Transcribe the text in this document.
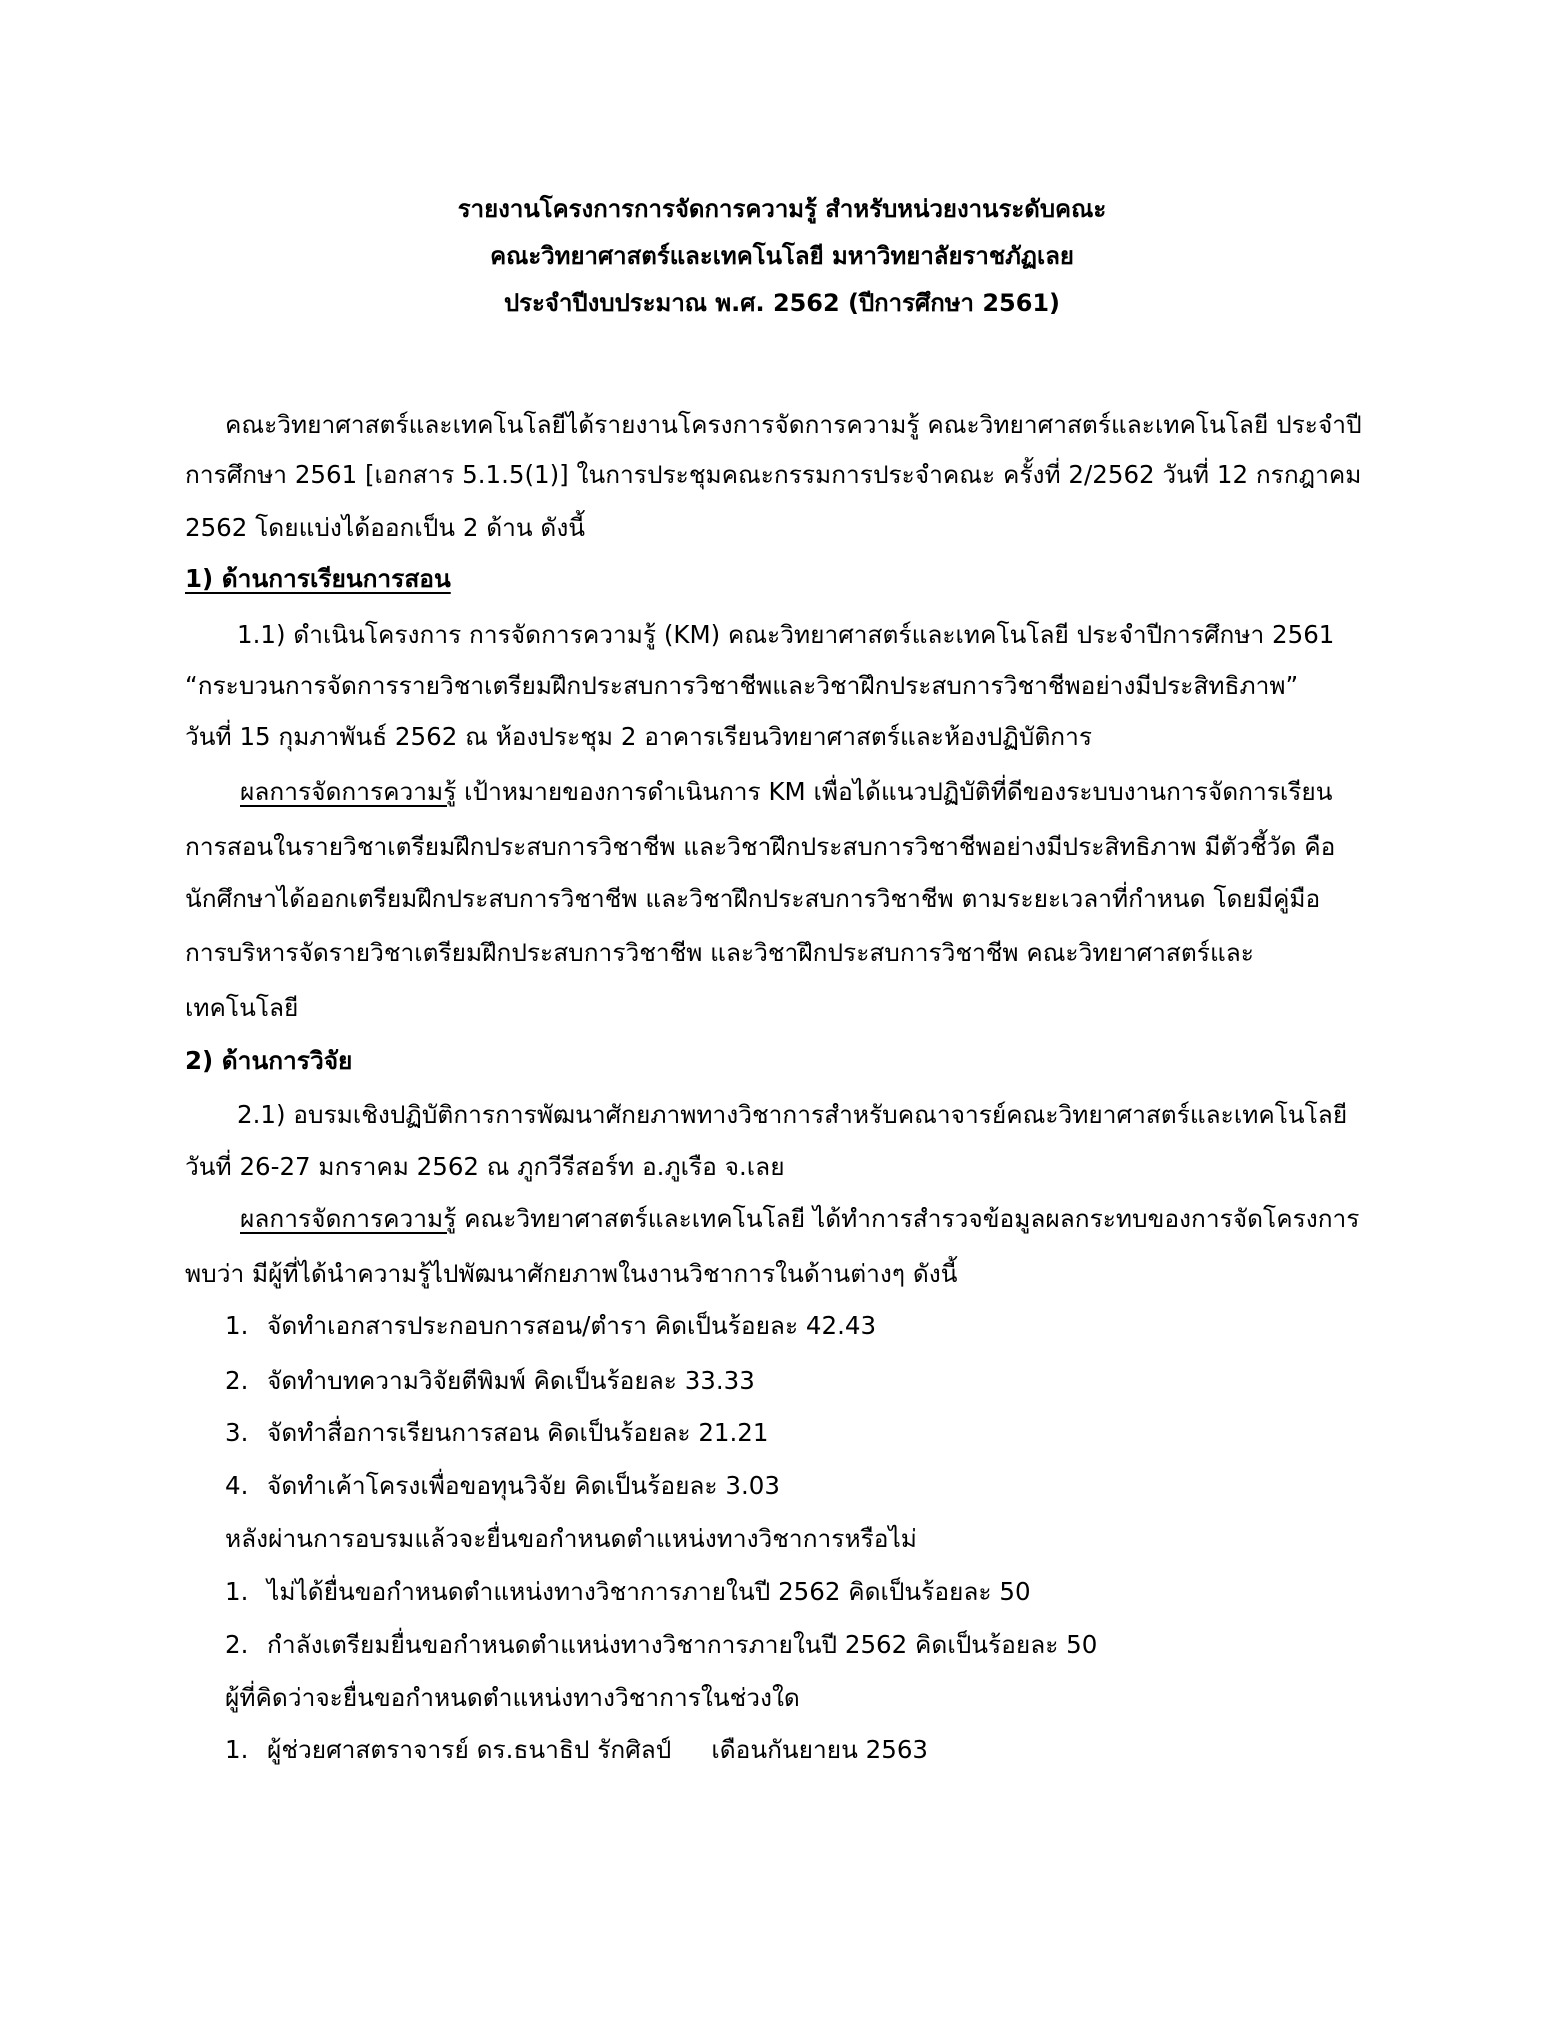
รายงานโครงการการจัดการความรู้ สำหรับหน่วยงานระดับคณะ
คณะวิทยาศาสตร์และเทคโนโลยี มหาวิทยาลัยราชภัฏเลย
ประจำปีงบประมาณ พ.ศ. 2562 (ปีการศึกษา 2561)
คณะวิทยาศาสตร์และเทคโนโลยีได้รายงานโครงการจัดการความรู้ คณะวิทยาศาสตร์และเทคโนโลยี ประจำปี
การศึกษา 2561 [เอกสาร 5.1.5(1)] ในการประชุมคณะกรรมการประจำคณะ ครั้งที่ 2/2562 วันที่ 12 กรกฎาคม
2562 โดยแบ่งได้ออกเป็น 2 ด้าน ดังนี้
1) ด้านการเรียนการสอน
1.1) ดำเนินโครงการ การจัดการความรู้ (KM) คณะวิทยาศาสตร์และเทคโนโลยี ประจำปีการศึกษา 2561
“กระบวนการจัดการรายวิชาเตรียมฝึกประสบการวิชาชีพและวิชาฝึกประสบการวิชาชีพอย่างมีประสิทธิภาพ”
วันที่ 15 กุมภาพันธ์ 2562 ณ ห้องประชุม 2 อาคารเรียนวิทยาศาสตร์และห้องปฏิบัติการ
ผลการจัดการความรู้ เป้าหมายของการดำเนินการ KM เพื่อได้แนวปฏิบัติที่ดีของระบบงานการจัดการเรียน
การสอนในรายวิชาเตรียมฝึกประสบการวิชาชีพ และวิชาฝึกประสบการวิชาชีพอย่างมีประสิทธิภาพ มีตัวชี้วัด คือ
นักศึกษาได้ออกเตรียมฝึกประสบการวิชาชีพ และวิชาฝึกประสบการวิชาชีพ ตามระยะเวลาที่กำหนด โดยมีคู่มือ
การบริหารจัดรายวิชาเตรียมฝึกประสบการวิชาชีพ และวิชาฝึกประสบการวิชาชีพ คณะวิทยาศาสตร์และ
เทคโนโลยี
2) ด้านการวิจัย
2.1) อบรมเชิงปฏิบัติการการพัฒนาศักยภาพทางวิชาการสำหรับคณาจารย์คณะวิทยาศาสตร์และเทคโนโลยี
วันที่ 26-27 มกราคม 2562 ณ ภูกวีรีสอร์ท อ.ภูเรือ จ.เลย
ผลการจัดการความรู้ คณะวิทยาศาสตร์และเทคโนโลยี ได้ทำการสำรวจข้อมูลผลกระทบของการจัดโครงการ
พบว่า มีผู้ที่ได้นำความรู้ไปพัฒนาศักยภาพในงานวิชาการในด้านต่างๆ ดังนี้
1. จัดทำเอกสารประกอบการสอน/ตำรา คิดเป็นร้อยละ 42.43
2. จัดทำบทความวิจัยตีพิมพ์ คิดเป็นร้อยละ 33.33
3. จัดทำสื่อการเรียนการสอน คิดเป็นร้อยละ 21.21
4. จัดทำเค้าโครงเพื่อขอทุนวิจัย คิดเป็นร้อยละ 3.03
หลังผ่านการอบรมแล้วจะยื่นขอกำหนดตำแหน่งทางวิชาการหรือไม่
1. ไม่ได้ยื่นขอกำหนดตำแหน่งทางวิชาการภายในปี 2562 คิดเป็นร้อยละ 50
2. กำลังเตรียมยื่นขอกำหนดตำแหน่งทางวิชาการภายในปี 2562 คิดเป็นร้อยละ 50
ผู้ที่คิดว่าจะยื่นขอกำหนดตำแหน่งทางวิชาการในช่วงใด
1. ผู้ช่วยศาสตราจารย์ ดร.ธนาธิป รักศิลป์ เดือนกันยายน 2563
